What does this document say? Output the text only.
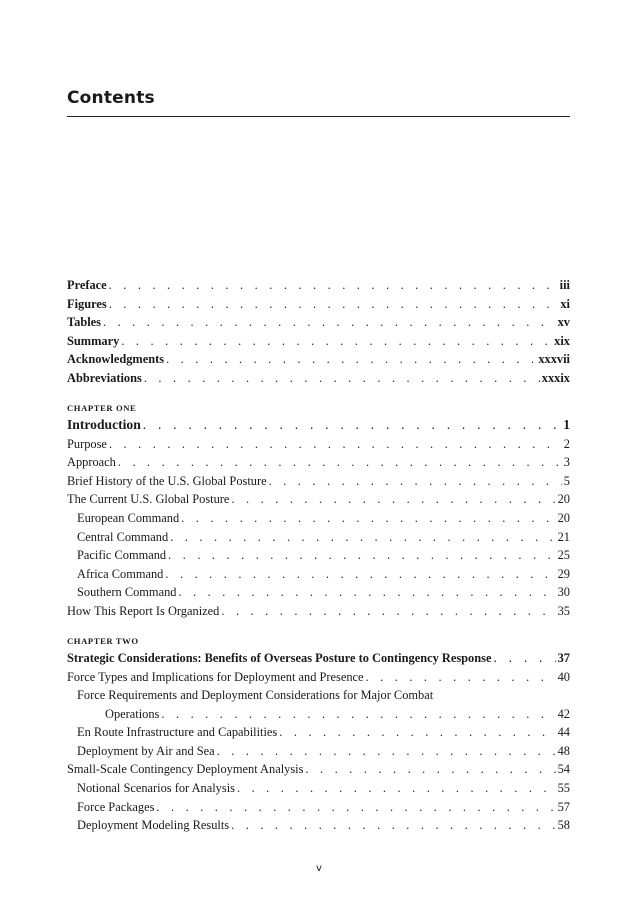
Contents
Preface . . .	iii
Figures . . .	xi
Tables . . .	xv
Summary . . .	xix
Acknowledgments . . .	xxxvii
Abbreviations . . .	xxxix
CHAPTER ONE
Introduction . . .	1
Purpose . . .	2
Approach . . .	3
Brief History of the U.S. Global Posture . . .	5
The Current U.S. Global Posture . . .	20
European Command . . .	20
Central Command . . .	21
Pacific Command . . .	25
Africa Command . . .	29
Southern Command . . .	30
How This Report Is Organized . . .	35
CHAPTER TWO
Strategic Considerations: Benefits of Overseas Posture to Contingency Response . . .	37
Force Types and Implications for Deployment and Presence . . .	40
Force Requirements and Deployment Considerations for Major Combat
Operations . . .	42
En Route Infrastructure and Capabilities . . .	44
Deployment by Air and Sea . . .	48
Small-Scale Contingency Deployment Analysis . . .	54
Notional Scenarios for Analysis . . .	55
Force Packages . . .	57
Deployment Modeling Results . . .	58
v
